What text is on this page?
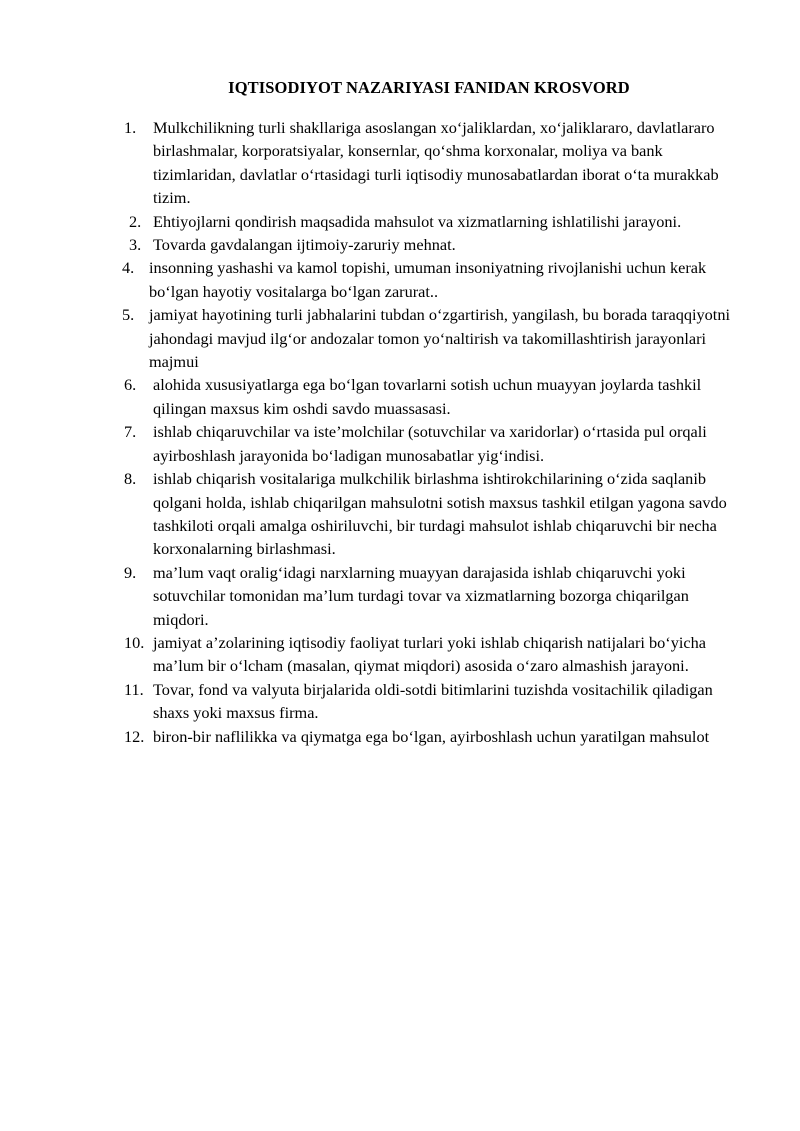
IQTISODIYOT NAZARIYASI FANIDAN KROSVORD
1. Mulkchilikning turli shakllariga asoslangan xo‘jaliklardan, xo‘jaliklararo, davlatlararo birlashmalar, korporatsiyalar, konsernlar, qo‘shma korxonalar, moliya va bank tizimlaridan, davlatlar o‘rtasidagi turli iqtisodiy munosabatlardan iborat o‘ta murakkab tizim.
2. Ehtiyojlarni qondirish maqsadida mahsulot va xizmatlarning ishlatilishi jarayoni.
3. Tovarda gavdalangan ijtimoiy-zaruriy mehnat.
4. insonning yashashi va kamol topishi, umuman insoniyatning rivojlanishi uchun kerak bo‘lgan hayotiy vositalarga bo‘lgan zarurat..
5. jamiyat hayotining turli jabhalarini tubdan o‘zgartirish, yangilash, bu borada taraqqiyotni jahondagi mavjud ilg‘or andozalar tomon yo‘naltirish va takomillashtirish jarayonlari majmui
6. alohida xususiyatlarga ega bo‘lgan tovarlarni sotish uchun muayyan joylarda tashkil qilingan maxsus kim oshdi savdo muassasasi.
7. ishlab chiqaruvchilar va iste’molchilar (sotuvchilar va xaridorlar) o‘rtasida pul orqali ayirboshlash jarayonida bo‘ladigan munosabatlar yig‘indisi.
8. ishlab chiqarish vositalariga mulkchilik birlashma ishtirokchilarining o‘zida saqlanib qolgani holda, ishlab chiqarilgan mahsulotni sotish maxsus tashkil etilgan yagona savdo tashkiloti orqali amalga oshiriluvchi, bir turdagi mahsulot ishlab chiqaruvchi bir necha korxonalarning birlashmasi.
9. ma’lum vaqt oralig‘idagi narxlarning muayyan darajasida ishlab chiqaruvchi yoki sotuvchilar tomonidan ma’lum turdagi tovar va xizmatlarning bozorga chiqarilgan miqdori.
10. jamiyat a’zolarining iqtisodiy faoliyat turlari yoki ishlab chiqarish natijalari bo‘yicha ma’lum bir o‘lcham (masalan, qiymat miqdori) asosida o‘zaro almashish jarayoni.
11. Tovar, fond va valyuta birjalarida oldi-sotdi bitimlarini tuzishda vositachilik qiladigan shaxs yoki maxsus firma.
12. biron-bir naflilikka va qiymatga ega bo‘lgan, ayirboshlash uchun yaratilgan mahsulot
